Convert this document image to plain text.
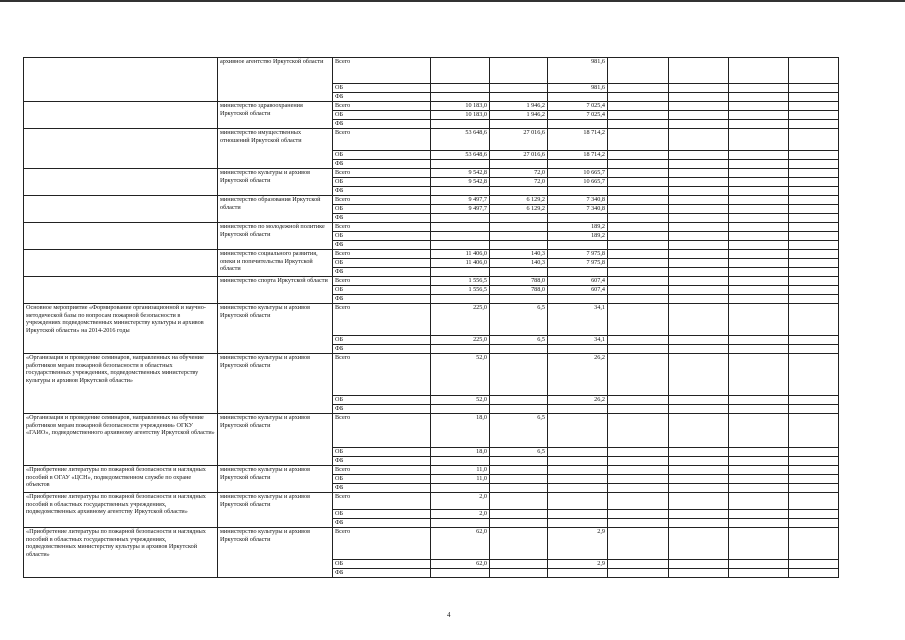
	архивное агентство Иркутской области	Всего			981,6				
		ОБ			981,6				
		ФБ							
	министерство здравоохранения Иркутской области	Всего	10 183,0	1 946,2	7 025,4				
		ОБ	10 183,0	1 946,2	7 025,4				
		ФБ							
	министерство имущественных отношений Иркутской области	Всего	53 648,6	27 016,6	18 714,2				
		ОБ	53 648,6	27 016,6	18 714,2				
		ФБ							
	министерство культуры и архивов Иркутской области	Всего	9 542,8	72,0	10 665,7				
		ОБ	9 542,8	72,0	10 665,7				
		ФБ							
	министерство образования Иркутской области	Всего	9 497,7	6 129,2	7 340,8				
		ОБ	9 497,7	6 129,2	7 340,8				
		ФБ							
	министерство по молодежной политике Иркутской области	Всего			189,2				
		ОБ			189,2				
		ФБ							
	министерство социального развития, опеки и попечительства Иркутской области	Всего	11 406,0	140,3	7 975,8				
		ОБ	11 406,0	140,3	7 975,8				
		ФБ							
	министерство спорта Иркутской области	Всего	1 556,5	788,0	607,4				
		ОБ	1 556,5	788,0	607,4				
		ФБ							
Основное мероприятие «Формирование организационной и научно-методической базы по вопросам пожарной безопасности в учреждениях подведомственных министерству культуры и архивов Иркутской области» на 2014-2016 годы	министерство культуры и архивов Иркутской области	Всего	225,0	6,5	34,1				
		ОБ	225,0	6,5	34,1				
		ФБ							
«Организация и проведение семинаров, направленных на обучение работников мерам пожарной безопасности в областных государственных учреждениях, подведомственных министерству культуры и архивов Иркутской области»	министерство культуры и архивов Иркутской области	Всего	52,0		26,2				
		ОБ	52,0		26,2				
		ФБ							
«Организация и проведение семинаров, направленных на обучение работников мерам пожарной безопасности учреждения» ОГКУ «ГАИО», подведомственного архивному агентству Иркутской области»	министерство культуры и архивов Иркутской области	Всего	18,0	6,5					
		ОБ	18,0	6,5					
		ФБ							
«Приобретение литературы по пожарной безопасности и наглядных пособий в ОГАУ «ЦСН», подведомственном службе по охране объектов	министерство культуры и архивов Иркутской области	Всего	11,0						
		ОБ	11,0						
		ФБ							
«Приобретение литературы по пожарной безопасности и наглядных пособий в областных государственных учреждениях, подведомственных архивному агентству Иркутской области»	министерство культуры и архивов Иркутской области	Всего	2,0						
		ОБ	2,0						
		ФБ							
«Приобретение литературы по пожарной безопасности и наглядных пособий в областных государственных учреждениях, подведомственных министерству культуры и архивов Иркутской области»	министерство культуры и архивов Иркутской области	Всего	62,0		2,9				
		ОБ	62,0		2,9				
		ФБ							
4
